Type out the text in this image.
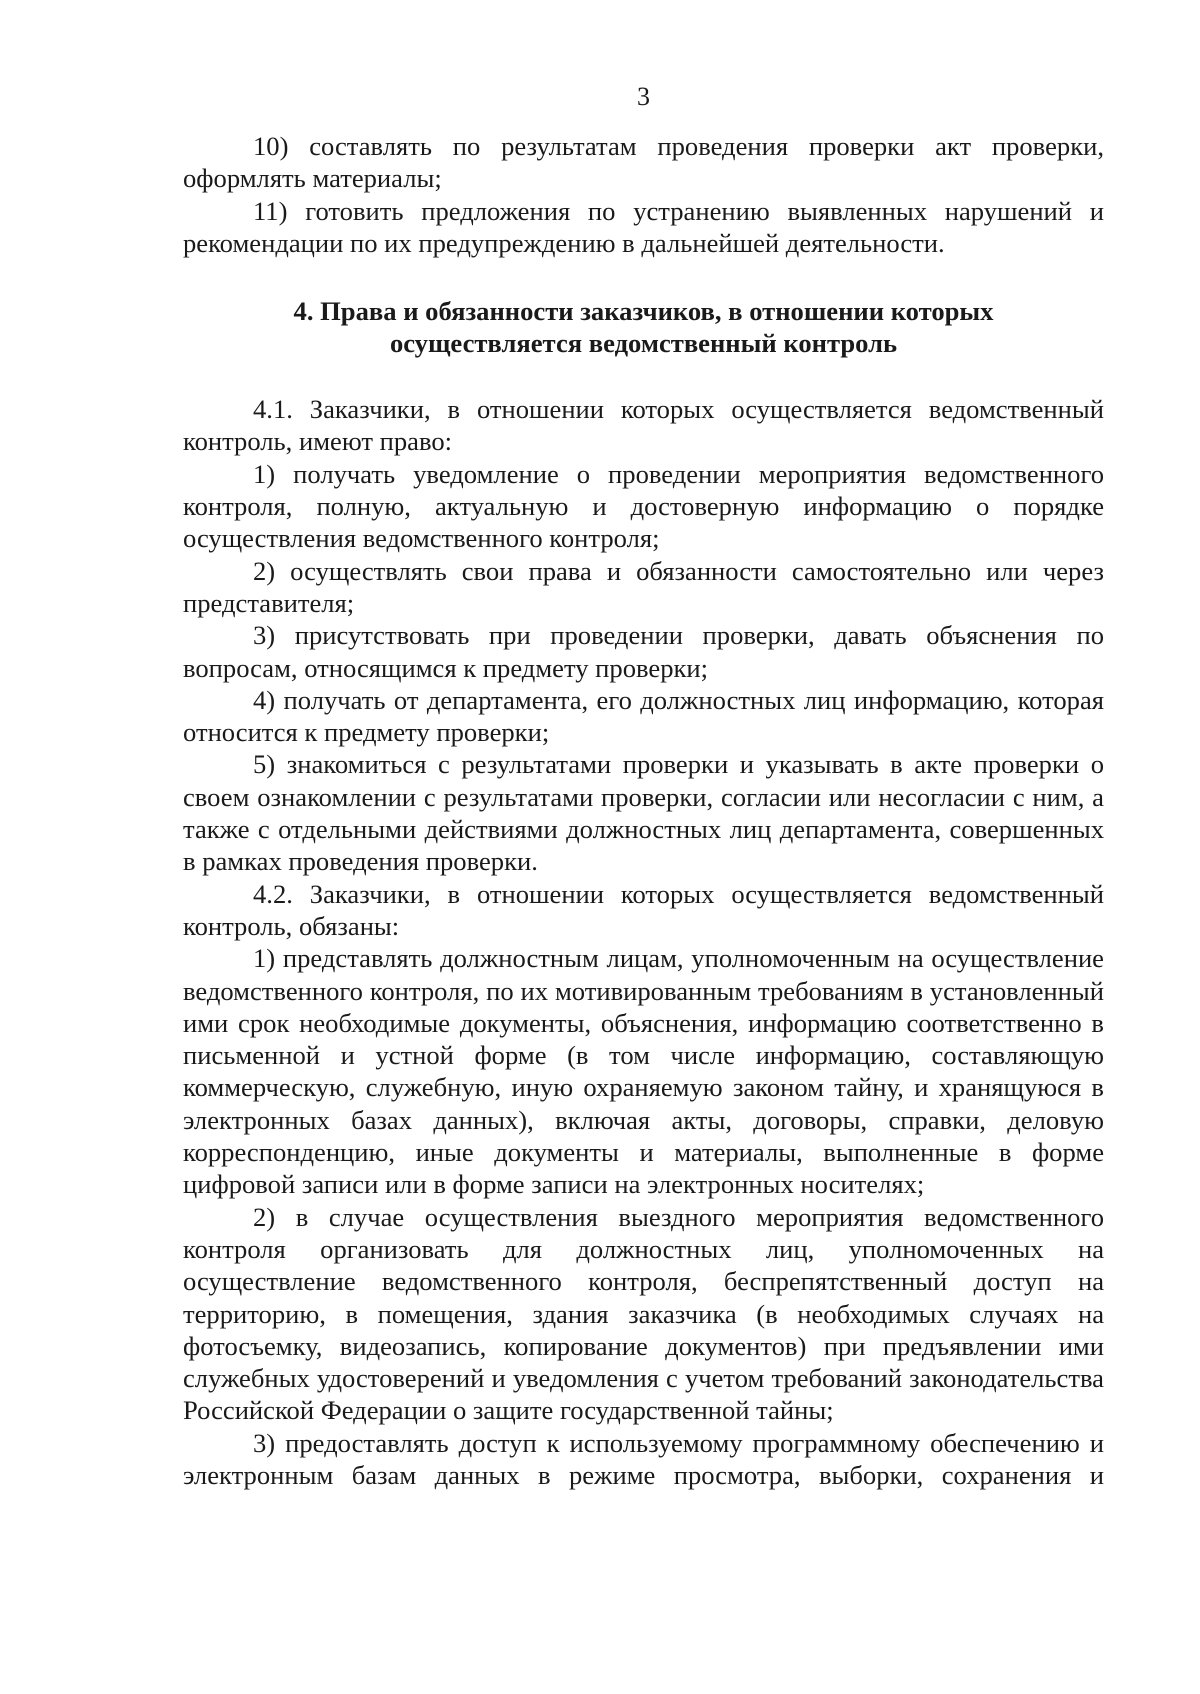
3

10) составлять по результатам проведения проверки акт проверки, оформлять материалы;

11) готовить предложения по устранению выявленных нарушений и рекомендации по их предупреждению в дальнейшей деятельности.

4. Права и обязанности заказчиков, в отношении которых
осуществляется ведомственный контроль

4.1. Заказчики, в отношении которых осуществляется ведомственный контроль, имеют право:

1) получать уведомление о проведении мероприятия ведомственного контроля, полную, актуальную и достоверную информацию о порядке осуществления ведомственного контроля;

2) осуществлять свои права и обязанности самостоятельно или через представителя;

3) присутствовать при проведении проверки, давать объяснения по вопросам, относящимся к предмету проверки;

4) получать от департамента, его должностных лиц информацию, которая относится к предмету проверки;

5) знакомиться с результатами проверки и указывать в акте проверки о своем ознакомлении с результатами проверки, согласии или несогласии с ним, а также с отдельными действиями должностных лиц департамента, совершенных в рамках проведения проверки.

4.2. Заказчики, в отношении которых осуществляется ведомственный контроль, обязаны:

1) представлять должностным лицам, уполномоченным на осуществление ведомственного контроля, по их мотивированным требованиям в установленный ими срок необходимые документы, объяснения, информацию соответственно в письменной и устной форме (в том числе информацию, составляющую коммерческую, служебную, иную охраняемую законом тайну, и хранящуюся в электронных базах данных), включая акты, договоры, справки, деловую корреспонденцию, иные документы и материалы, выполненные в форме цифровой записи или в форме записи на электронных носителях;

2) в случае осуществления выездного мероприятия ведомственного контроля организовать для должностных лиц, уполномоченных на осуществление ведомственного контроля, беспрепятственный доступ на территорию, в помещения, здания заказчика (в необходимых случаях на фотосъемку, видеозапись, копирование документов) при предъявлении ими служебных удостоверений и уведомления с учетом требований законодательства Российской Федерации о защите государственной тайны;

3) предоставлять доступ к используемому программному обеспечению и электронным базам данных в режиме просмотра, выборки, сохранения и
